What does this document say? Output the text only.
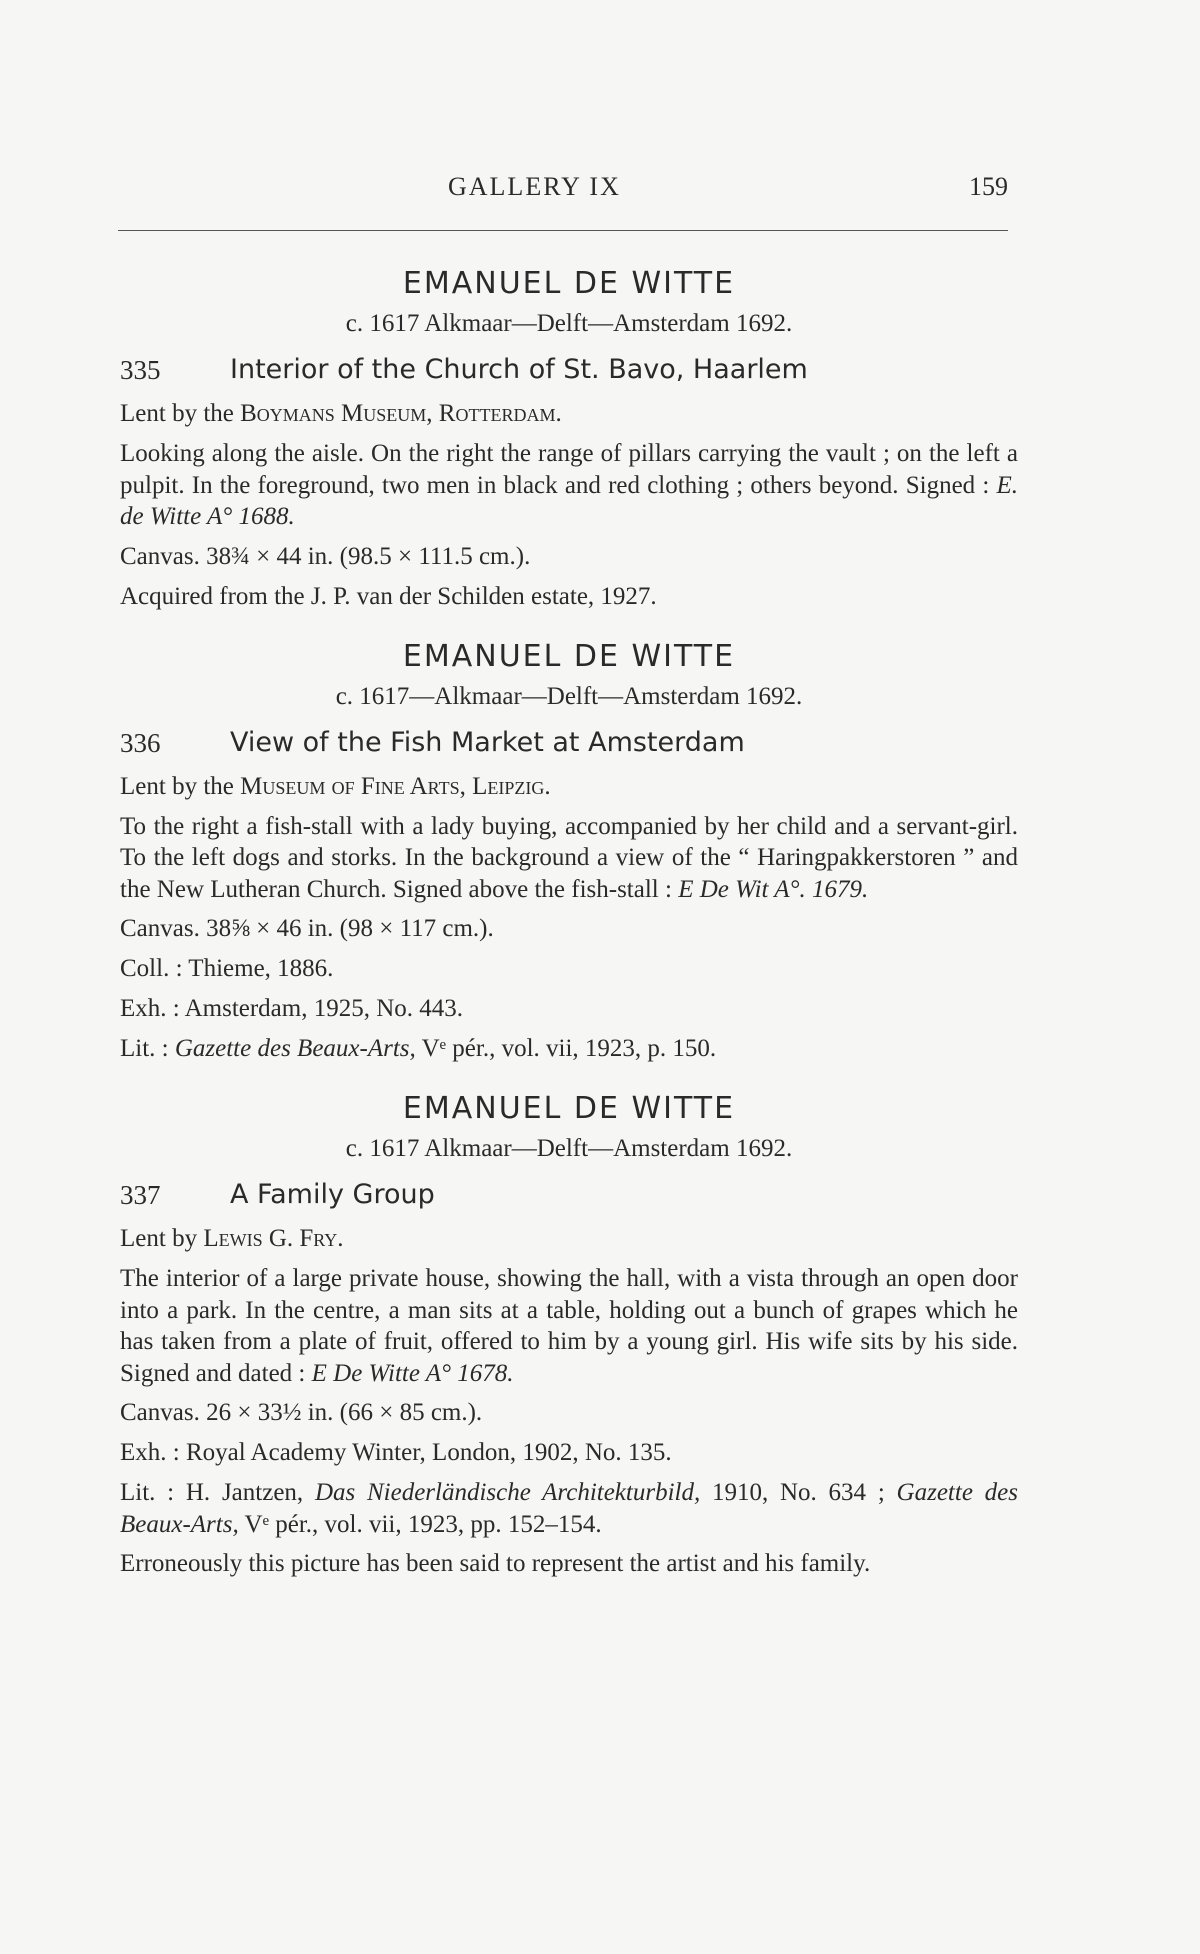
GALLERY IX	159

EMANUEL DE WITTE

c. 1617 Alkmaar—Delft—Amsterdam 1692.

335	Interior of the Church of St. Bavo, Haarlem

Lent by the Boymans Museum, Rotterdam.

Looking along the aisle. On the right the range of pillars carrying the vault ; on the left a pulpit. In the foreground, two men in black and red clothing ; others beyond. Signed : E. de Witte A° 1688.

Canvas. 38¾ × 44 in. (98.5 × 111.5 cm.).

Acquired from the J. P. van der Schilden estate, 1927.

EMANUEL DE WITTE

c. 1617—Alkmaar—Delft—Amsterdam 1692.

336	View of the Fish Market at Amsterdam

Lent by the Museum of Fine Arts, Leipzig.

To the right a fish-stall with a lady buying, accompanied by her child and a servant-girl. To the left dogs and storks. In the background a view of the “ Haringpakkerstoren ” and the New Lutheran Church. Signed above the fish-stall : E De Wit A°. 1679.

Canvas. 38⅝ × 46 in. (98 × 117 cm.).

Coll. : Thieme, 1886.

Exh. : Amsterdam, 1925, No. 443.

Lit. : Gazette des Beaux-Arts, Vᵉ pér., vol. vii, 1923, p. 150.

EMANUEL DE WITTE

c. 1617 Alkmaar—Delft—Amsterdam 1692.

337	A Family Group

Lent by Lewis G. Fry.

The interior of a large private house, showing the hall, with a vista through an open door into a park. In the centre, a man sits at a table, holding out a bunch of grapes which he has taken from a plate of fruit, offered to him by a young girl. His wife sits by his side. Signed and dated : E De Witte A° 1678.

Canvas. 26 × 33½ in. (66 × 85 cm.).

Exh. : Royal Academy Winter, London, 1902, No. 135.

Lit. : H. Jantzen, Das Niederländische Architekturbild, 1910, No. 634 ; Gazette des Beaux-Arts, Vᵉ pér., vol. vii, 1923, pp. 152–154.

Erroneously this picture has been said to represent the artist and his family.
